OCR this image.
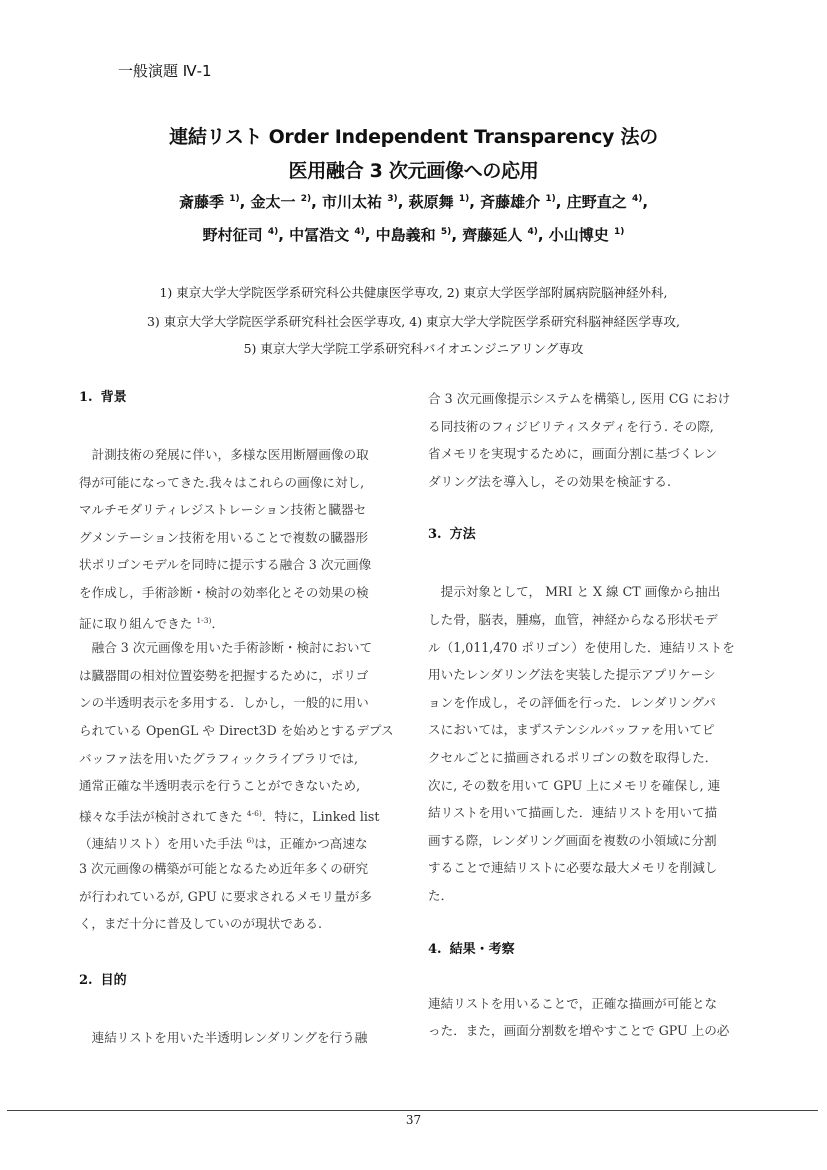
一般演題 Ⅳ-1
連結リスト Order Independent Transparency 法の
医用融合 3 次元画像への応用
斎藤季 $^{1)}$, 金太一 $^{2)}$, 市川太祐 $^{3)}$, 萩原舞 $^{1)}$, 斉藤雄介 $^{1)}$, 庄野直之 $^{4)}$,
野村征司 $^{4)}$, 中冨浩文 $^{4)}$, 中島義和 $^{5)}$, 齊藤延人 $^{4)}$, 小山博史 $^{1)}$
1) 東京大学大学院医学系研究科公共健康医学専攻, 2) 東京大学医学部附属病院脳神経外科,
3) 東京大学大学院医学系研究科社会医学専攻, 4) 東京大学大学院医学系研究科脳神経医学専攻,
5) 東京大学大学院工学系研究科バイオエンジニアリング専攻
1. 背景
　計測技術の発展に伴い，多様な医用断層画像の取
得が可能になってきた.我々はこれらの画像に対し,
マルチモダリティレジストレーション技術と臓器セ
グメンテーション技術を用いることで複数の臓器形
状ポリゴンモデルを同時に提示する融合 3 次元画像
を作成し，手術診断・検討の効率化とその効果の検
証に取り組んできた $^{1-3)}$．
　融合 3 次元画像を用いた手術診断・検討において
は臓器間の相対位置姿勢を把握するために，ポリゴ
ンの半透明表示を多用する．しかし，一般的に用い
られている OpenGL や Direct3D を始めとするデプス
バッファ法を用いたグラフィックライブラリでは,
通常正確な半透明表示を行うことができないため,
様々な手法が検討されてきた $^{4-6)}$．特に，Linked list
（連結リスト）を用いた手法 $^{6)}$は，正確かつ高速な
3 次元画像の構築が可能となるため近年多くの研究
が行われているが, GPU に要求されるメモリ量が多
く，まだ十分に普及していのが現状である.
2. 目的
　連結リストを用いた半透明レンダリングを行う融
合 3 次元画像提示システムを構築し, 医用 CG におけ
る同技術のフィジビリティスタディを行う. その際,
省メモリを実現するために，画面分割に基づくレン
ダリング法を導入し，その効果を検証する.
3. 方法
　提示対象として， MRI と X 線 CT 画像から抽出
した骨，脳表，腫瘍，血管，神経からなる形状モデ
ル（1,011,470 ポリゴン）を使用した．連結リストを
用いたレンダリング法を実装した提示アプリケーシ
ョンを作成し，その評価を行った．レンダリングパ
スにおいては，まずステンシルバッファを用いてピ
クセルごとに描画されるポリゴンの数を取得した．
次に, その数を用いて GPU 上にメモリを確保し, 連
結リストを用いて描画した．連結リストを用いて描
画する際，レンダリング画面を複数の小領域に分割
することで連結リストに必要な最大メモリを削減し
た．
4. 結果・考察
連結リストを用いることで，正確な描画が可能とな
った．また，画面分割数を増やすことで GPU 上の必
37
